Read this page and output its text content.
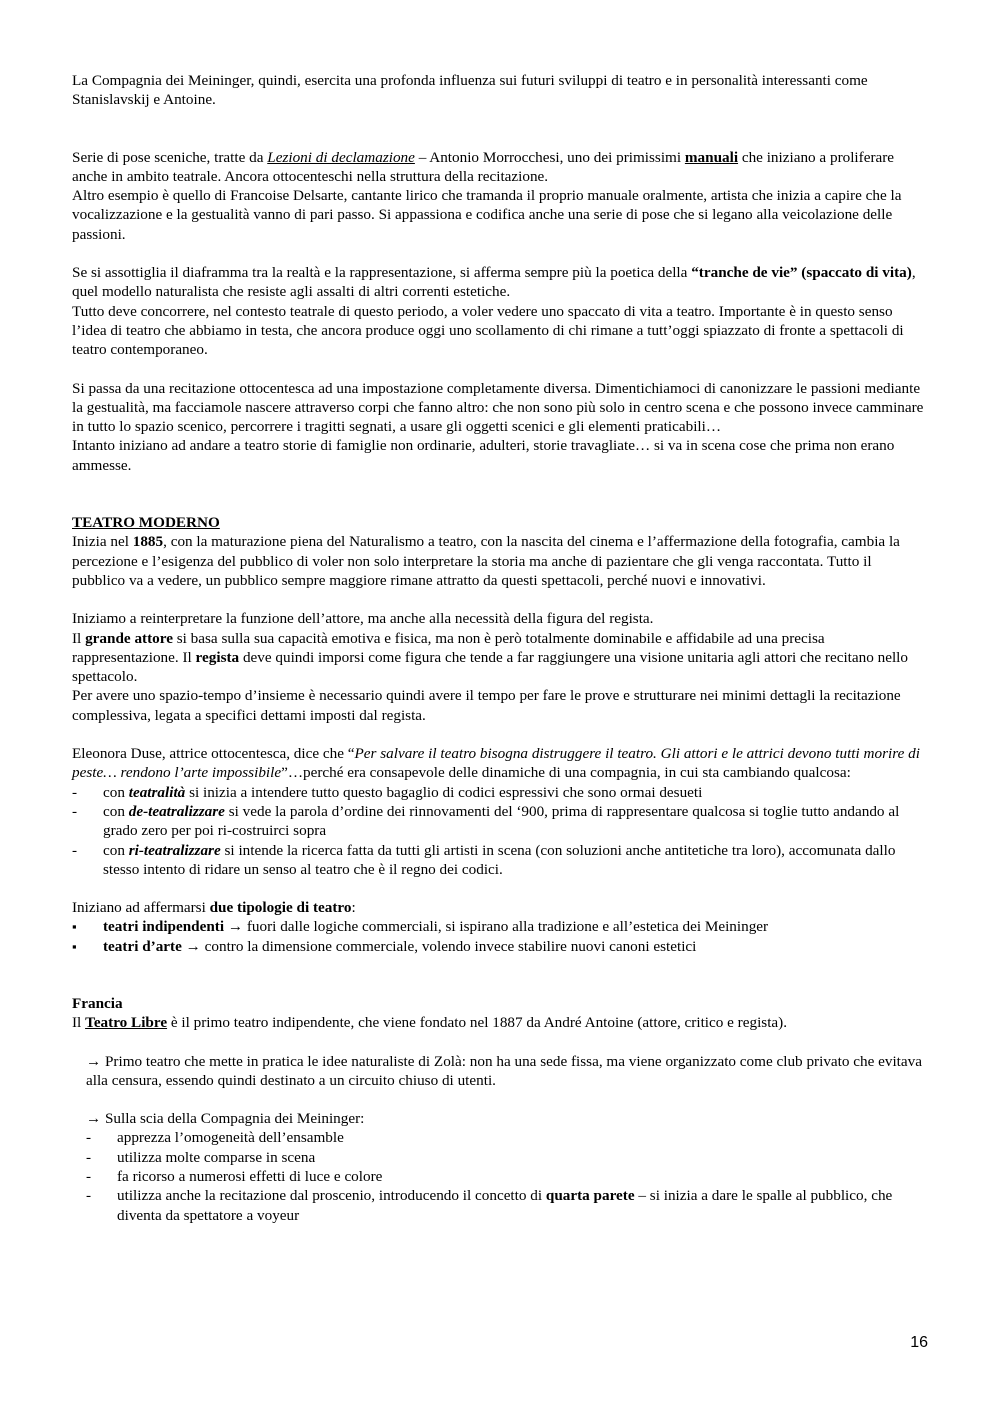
La Compagnia dei Meininger, quindi, esercita una profonda influenza sui futuri sviluppi di teatro e in personalità interessanti come Stanislavskij e Antoine.

Serie di pose sceniche, tratte da Lezioni di declamazione – Antonio Morrocchesi, uno dei primissimi manuali che iniziano a proliferare anche in ambito teatrale. Ancora ottocenteschi nella struttura della recitazione.

Altro esempio è quello di Francoise Delsarte, cantante lirico che tramanda il proprio manuale oralmente, artista che inizia a capire che la vocalizzazione e la gestualità vanno di pari passo. Si appassiona e codifica anche una serie di pose che si legano alla veicolazione delle passioni.

Se si assottiglia il diaframma tra la realtà e la rappresentazione, si afferma sempre più la poetica della “tranche de vie” (spaccato di vita), quel modello naturalista che resiste agli assalti di altri correnti estetiche.

Tutto deve concorrere, nel contesto teatrale di questo periodo, a voler vedere uno spaccato di vita a teatro. Importante è in questo senso l’idea di teatro che abbiamo in testa, che ancora produce oggi uno scollamento di chi rimane a tutt’oggi spiazzato di fronte a spettacoli di teatro contemporaneo.

Si passa da una recitazione ottocentesca ad una impostazione completamente diversa. Dimentichiamoci di canonizzare le passioni mediante la gestualità, ma facciamole nascere attraverso corpi che fanno altro: che non sono più solo in centro scena e che possono invece camminare in tutto lo spazio scenico, percorrere i tragitti segnati, a usare gli oggetti scenici e gli elementi praticabili…

Intanto iniziano ad andare a teatro storie di famiglie non ordinarie, adulteri, storie travagliate… si va in scena cose che prima non erano ammesse.

TEATRO MODERNO

Inizia nel 1885, con la maturazione piena del Naturalismo a teatro, con la nascita del cinema e l’affermazione della fotografia, cambia la percezione e l’esigenza del pubblico di voler non solo interpretare la storia ma anche di pazientare che gli venga raccontata. Tutto il pubblico va a vedere, un pubblico sempre maggiore rimane attratto da questi spettacoli, perché nuovi e innovativi.

Iniziamo a reinterpretare la funzione dell’attore, ma anche alla necessità della figura del regista.

Il grande attore si basa sulla sua capacità emotiva e fisica, ma non è però totalmente dominabile e affidabile ad una precisa rappresentazione. Il regista deve quindi imporsi come figura che tende a far raggiungere una visione unitaria agli attori che recitano nello spettacolo.

Per avere uno spazio-tempo d’insieme è necessario quindi avere il tempo per fare le prove e strutturare nei minimi dettagli la recitazione complessiva, legata a specifici dettami imposti dal regista.

Eleonora Duse, attrice ottocentesca, dice che “Per salvare il teatro bisogna distruggere il teatro. Gli attori e le attrici devono tutti morire di peste… rendono l’arte impossibile”…perché era consapevole delle dinamiche di una compagnia, in cui sta cambiando qualcosa:

- con teatralità si inizia a intendere tutto questo bagaglio di codici espressivi che sono ormai desueti
- con de-teatralizzare si vede la parola d’ordine dei rinnovamenti del ‘900, prima di rappresentare qualcosa si toglie tutto andando al grado zero per poi ri-costruirci sopra
- con ri-teatralizzare si intende la ricerca fatta da tutti gli artisti in scena (con soluzioni anche antitetiche tra loro), accomunata dallo stesso intento di ridare un senso al teatro che è il regno dei codici.

Iniziano ad affermarsi due tipologie di teatro:

▪ teatri indipendenti → fuori dalle logiche commerciali, si ispirano alla tradizione e all’estetica dei Meininger
▪ teatri d’arte → contro la dimensione commerciale, volendo invece stabilire nuovi canoni estetici

Francia

Il Teatro Libre è il primo teatro indipendente, che viene fondato nel 1887 da André Antoine (attore, critico e regista).

→ Primo teatro che mette in pratica le idee naturaliste di Zolà: non ha una sede fissa, ma viene organizzato come club privato che evitava alla censura, essendo quindi destinato a un circuito chiuso di utenti.

→ Sulla scia della Compagnia dei Meininger:

- apprezza l’omogeneità dell’ensamble
- utilizza molte comparse in scena
- fa ricorso a numerosi effetti di luce e colore
- utilizza anche la recitazione dal proscenio, introducendo il concetto di quarta parete – si inizia a dare le spalle al pubblico, che diventa da spettatore a voyeur
16
